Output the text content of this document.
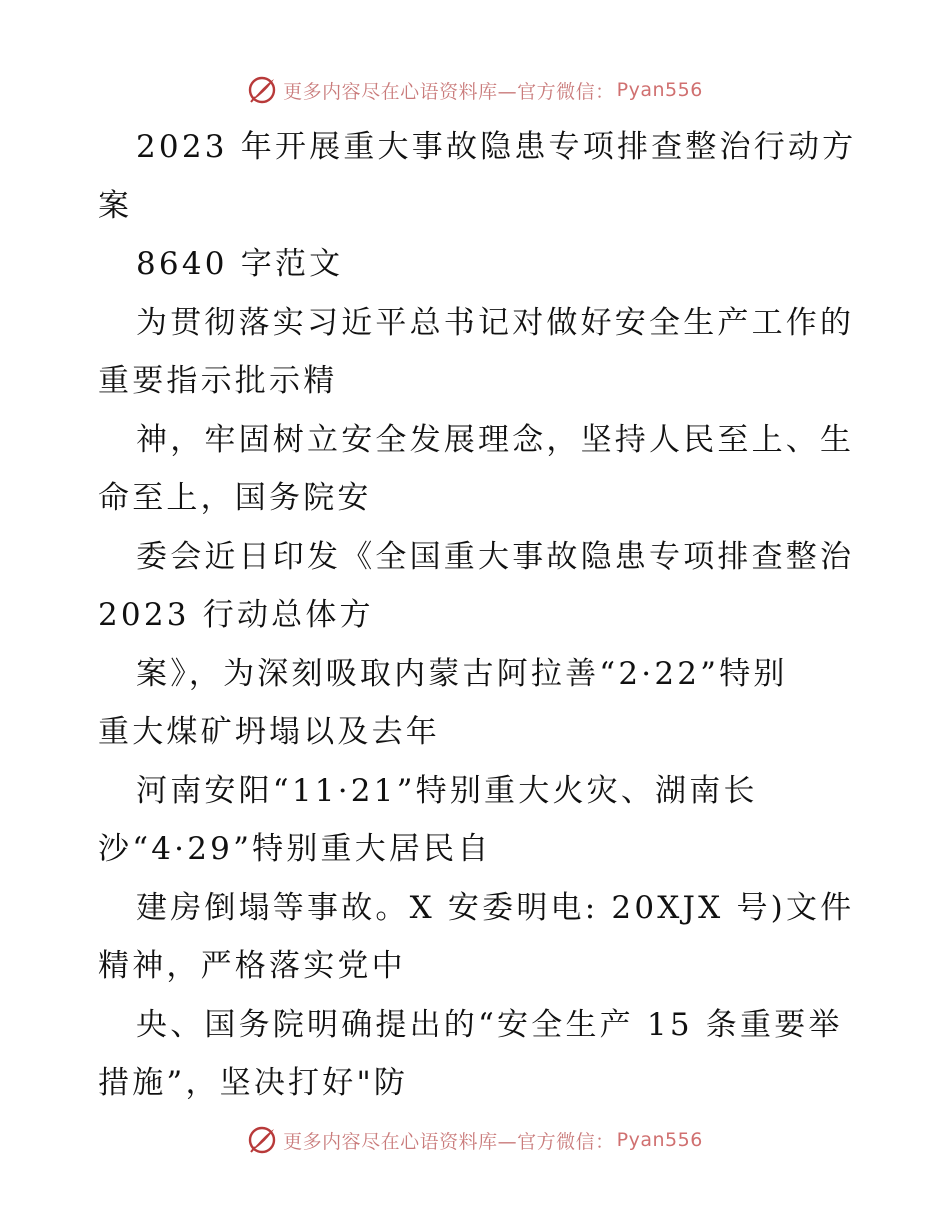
更多内容尽在心语资料库—官方微信： Pyan556

2023 年开展重大事故隐患专项排查整治行动方

案

8640 字范文

为贯彻落实习近平总书记对做好安全生产工作的

重要指示批示精

神，牢固树立安全发展理念，坚持人民至上、生

命至上，国务院安

委会近日印发《全国重大事故隐患专项排查整治

2023 行动总体方

案》，为深刻吸取内蒙古阿拉善“2·22”特别

重大煤矿坍塌以及去年

河南安阳“11·21”特别重大火灾、湖南长

沙“4·29”特别重大居民自

建房倒塌等事故。X 安委明电: 20XJX 号)文件

精神，严格落实党中

央、国务院明确提出的“安全生产 15 条重要举

措施”，坚决打好"防

更多内容尽在心语资料库—官方微信： Pyan556
